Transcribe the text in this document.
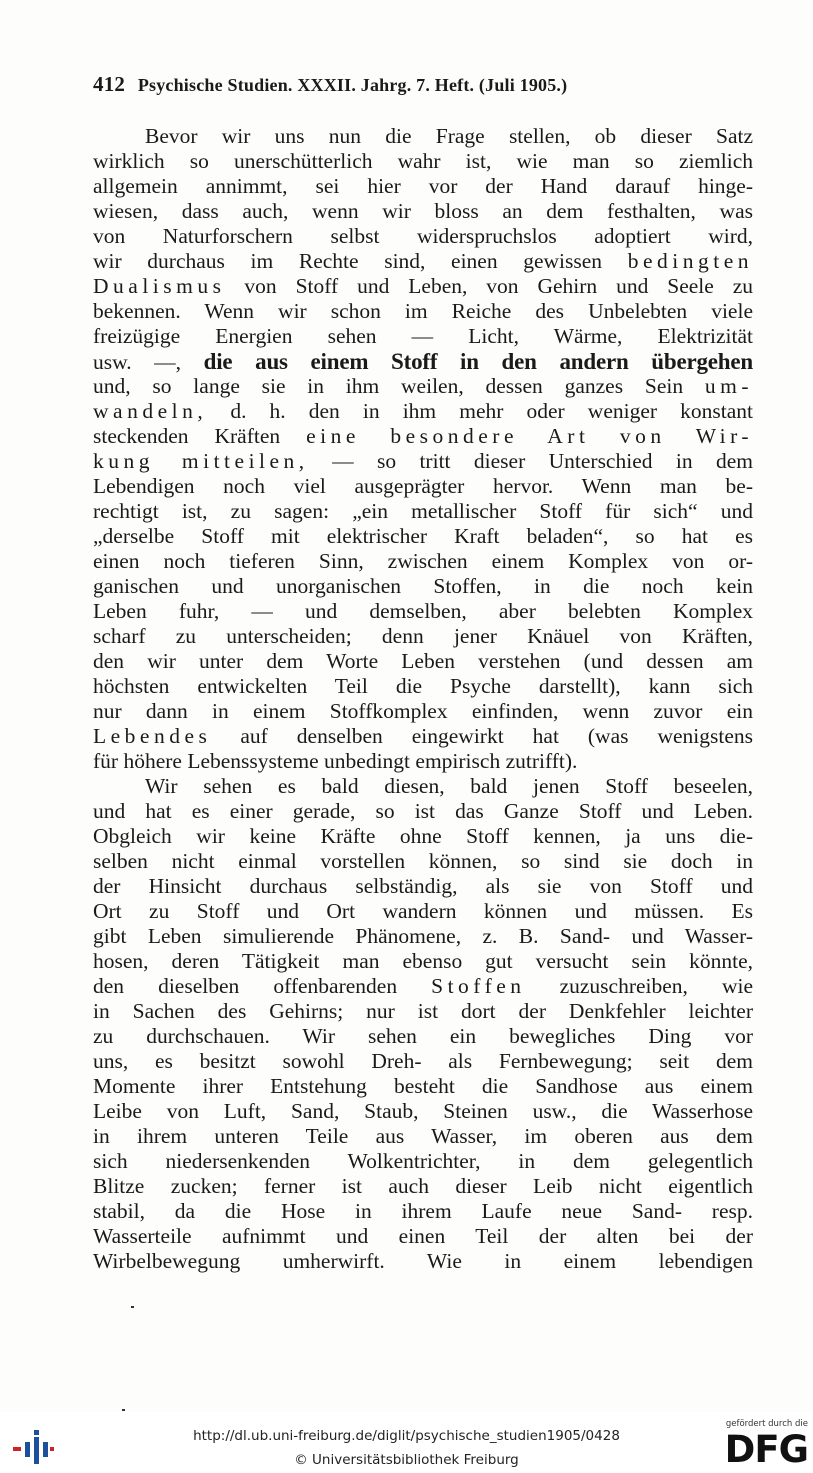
412 Psychische Studien. XXXII. Jahrg. 7. Heft. (Juli 1905.)
Bevor wir uns nun die Frage stellen, ob dieser Satz
wirklich so unerschütterlich wahr ist, wie man so ziemlich
allgemein annimmt, sei hier vor der Hand darauf hinge-
wiesen, dass auch, wenn wir bloss an dem festhalten, was
von Naturforschern selbst widerspruchslos adoptiert wird,
wir durchaus im Rechte sind, einen gewissen bedingten
Dualismus von Stoff und Leben, von Gehirn und Seele zu
bekennen. Wenn wir schon im Reiche des Unbelebten viele
freizügige Energien sehen — Licht, Wärme, Elektrizität
usw. —, die aus einem Stoff in den andern übergehen
und, so lange sie in ihm weilen, dessen ganzes Sein um-
wandeln, d. h. den in ihm mehr oder weniger konstant
steckenden Kräften eine besondere Art von Wir-
kung mitteilen, — so tritt dieser Unterschied in dem
Lebendigen noch viel ausgeprägter hervor. Wenn man be-
rechtigt ist, zu sagen: „ein metallischer Stoff für sich“ und
„derselbe Stoff mit elektrischer Kraft beladen“, so hat es
einen noch tieferen Sinn, zwischen einem Komplex von or-
ganischen und unorganischen Stoffen, in die noch kein
Leben fuhr, — und demselben, aber belebten Komplex
scharf zu unterscheiden; denn jener Knäuel von Kräften,
den wir unter dem Worte Leben verstehen (und dessen am
höchsten entwickelten Teil die Psyche darstellt), kann sich
nur dann in einem Stoffkomplex einfinden, wenn zuvor ein
Lebendes auf denselben eingewirkt hat (was wenigstens
für höhere Lebenssysteme unbedingt empirisch zutrifft).
Wir sehen es bald diesen, bald jenen Stoff beseelen,
und hat es einer gerade, so ist das Ganze Stoff und Leben.
Obgleich wir keine Kräfte ohne Stoff kennen, ja uns die-
selben nicht einmal vorstellen können, so sind sie doch in
der Hinsicht durchaus selbständig, als sie von Stoff und
Ort zu Stoff und Ort wandern können und müssen. Es
gibt Leben simulierende Phänomene, z. B. Sand- und Wasser-
hosen, deren Tätigkeit man ebenso gut versucht sein könnte,
den dieselben offenbarenden Stoffen zuzuschreiben, wie
in Sachen des Gehirns; nur ist dort der Denkfehler leichter
zu durchschauen. Wir sehen ein bewegliches Ding vor
uns, es besitzt sowohl Dreh- als Fernbewegung; seit dem
Momente ihrer Entstehung besteht die Sandhose aus einem
Leibe von Luft, Sand, Staub, Steinen usw., die Wasserhose
in ihrem unteren Teile aus Wasser, im oberen aus dem
sich niedersenkenden Wolkentrichter, in dem gelegentlich
Blitze zucken; ferner ist auch dieser Leib nicht eigentlich
stabil, da die Hose in ihrem Laufe neue Sand- resp.
Wasserteile aufnimmt und einen Teil der alten bei der
Wirbelbewegung umherwirft. Wie in einem lebendigen
http://dl.ub.uni-freiburg.de/diglit/psychische_studien1905/0428
© Universitätsbibliothek Freiburg
gefördert durch die
DFG
